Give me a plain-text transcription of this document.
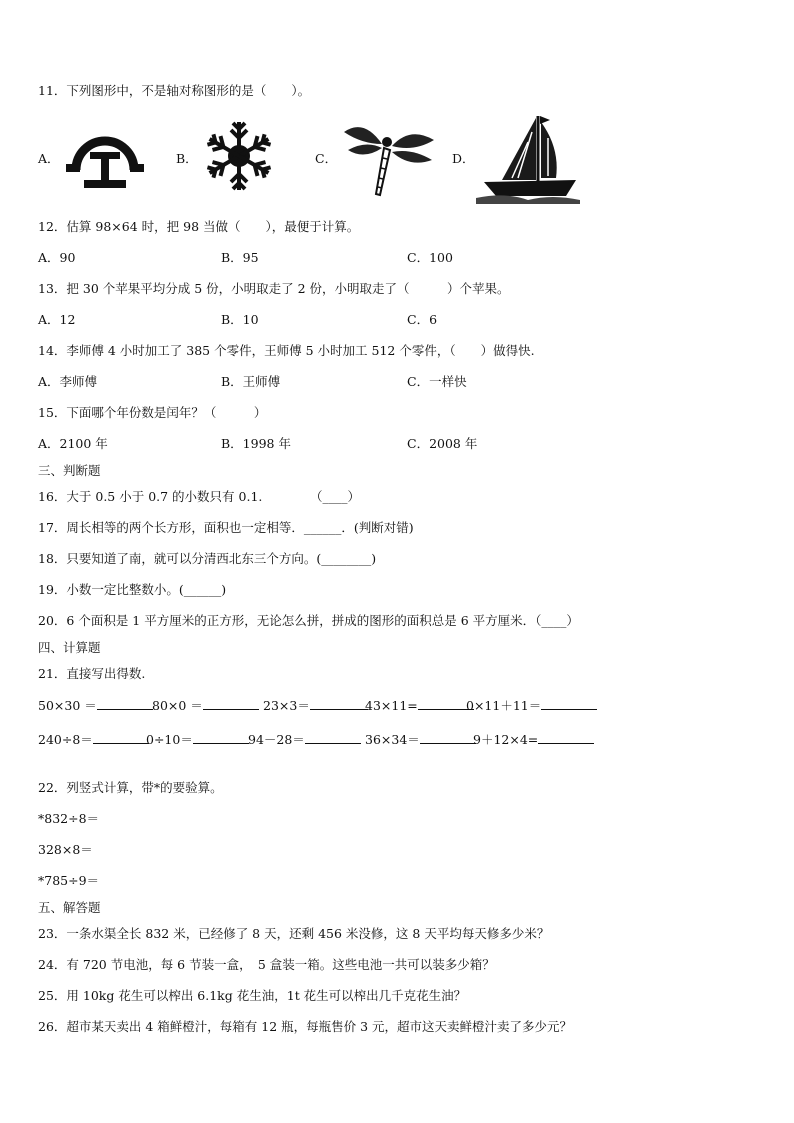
11．下列图形中，不是轴对称图形的是（　　）。
A．	B．	C．	D．
12．估算 98×64 时，把 98 当做（　　），最便于计算。
A．90	B．95	C．100
13．把 30 个苹果平均分成 5 份，小明取走了 2 份，小明取走了（　　　）个苹果。
A．12	B．10	C．6
14．李师傅 4 小时加工了 385 个零件，王师傅 5 小时加工 512 个零件，（　　）做得快.
A．李师傅	B．王师傅	C．一样快
15．下面哪个年份数是闰年？（　　　）
A．2100 年	B．1998 年	C．2008 年
三、判断题
16．大于 0.5 小于 0.7 的小数只有 0.1.	（____）
17．周长相等的两个长方形，面积也一定相等．______．(判断对错)
18．只要知道了南，就可以分清西北东三个方向。(________)
19．小数一定比整数小。(______)
20．6 个面积是 1 平方厘米的正方形，无论怎么拼，拼成的图形的面积总是 6 平方厘米．（____）
四、计算题
21．直接写出得数.
50×30 ＝	80×0 ＝	23×3＝	43×11=	0×11＋11＝
240÷8＝	0÷10＝	94－28＝	36×34＝	9＋12×4=
22．列竖式计算，带*的要验算。
*832÷8＝
328×8＝
*785÷9＝
五、解答题
23．一条水渠全长 832 米，已经修了 8 天，还剩 456 米没修，这 8 天平均每天修多少米？
24．有 720 节电池，每 6 节装一盒，　5 盒装一箱。这些电池一共可以装多少箱？
25．用 10kg 花生可以榨出 6.1kg 花生油，1t 花生可以榨出几千克花生油？
26．超市某天卖出 4 箱鲜橙汁，每箱有 12 瓶，每瓶售价 3 元，超市这天卖鲜橙汁卖了多少元？
